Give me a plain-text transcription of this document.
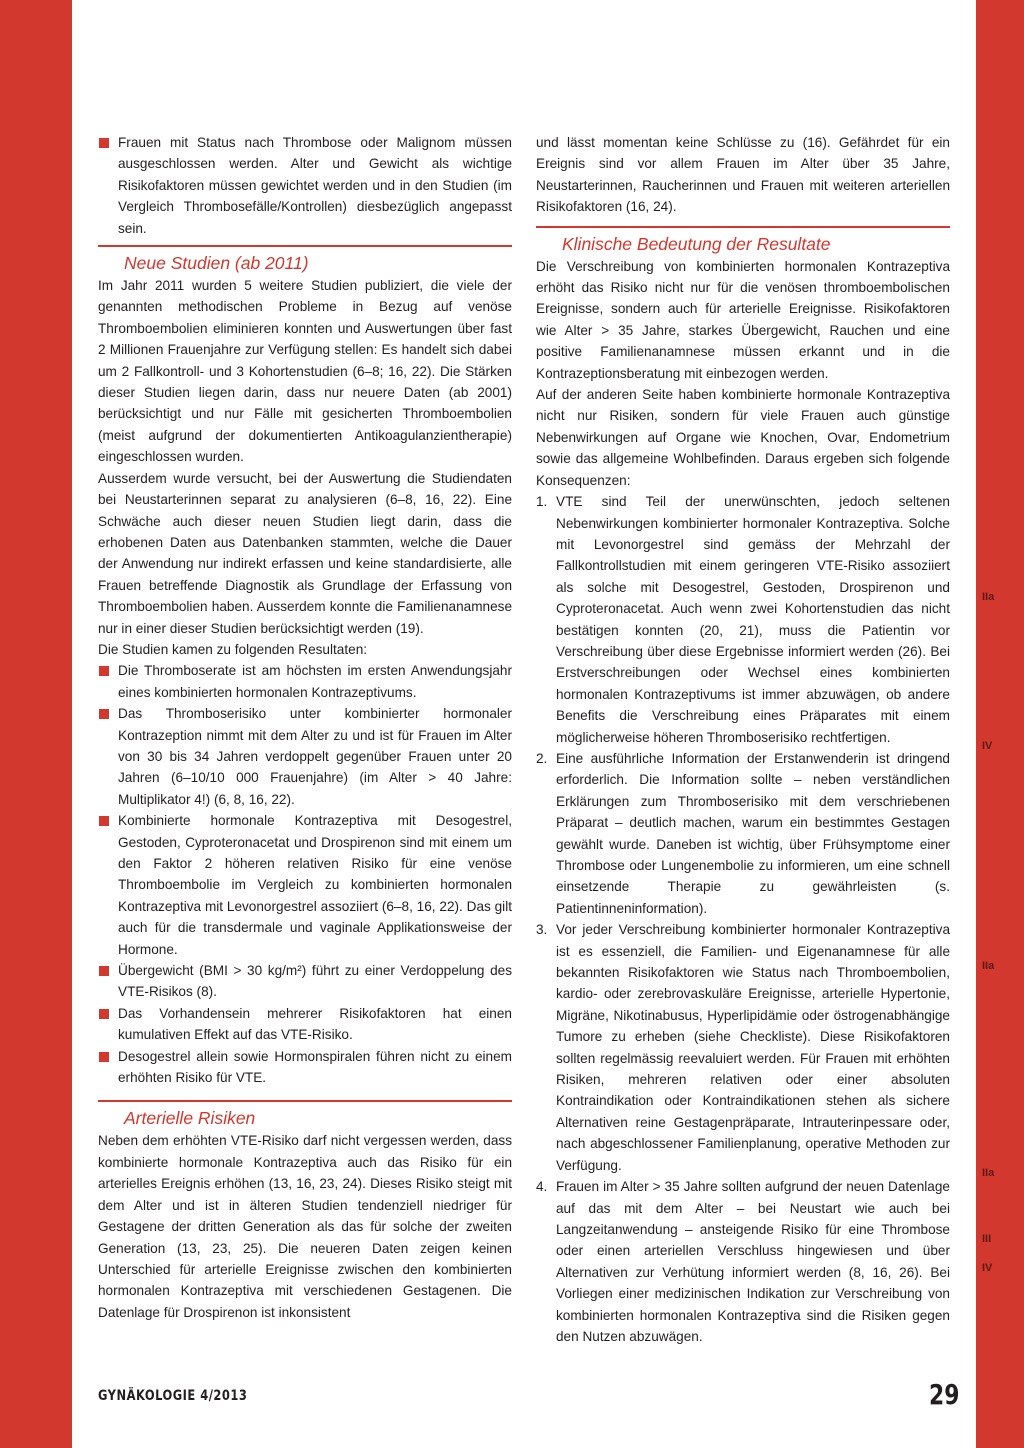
Frauen mit Status nach Thrombose oder Malignom müssen ausgeschlossen werden. Alter und Gewicht als wichtige Risikofaktoren müssen gewichtet werden und in den Studien (im Vergleich Thrombosefälle/Kontrollen) diesbezüglich angepasst sein.
Neue Studien (ab 2011)

Im Jahr 2011 wurden 5 weitere Studien publiziert, die viele der genannten methodischen Probleme in Bezug auf venöse Thromboembolien eliminieren konnten und Auswertungen über fast 2 Millionen Frauenjahre zur Verfügung stellen: Es handelt sich dabei um 2 Fallkontroll- und 3 Kohortenstudien (6–8; 16, 22). Die Stärken dieser Studien liegen darin, dass nur neuere Daten (ab 2001) berücksichtigt und nur Fälle mit gesicherten Thromboembolien (meist aufgrund der dokumentierten Antikoagulanzientherapie) eingeschlossen wurden.

Ausserdem wurde versucht, bei der Auswertung die Studiendaten bei Neustarterinnen separat zu analysieren (6–8, 16, 22). Eine Schwäche auch dieser neuen Studien liegt darin, dass die erhobenen Daten aus Datenbanken stammten, welche die Dauer der Anwendung nur indirekt erfassen und keine standardisierte, alle Frauen betreffende Diagnostik als Grundlage der Erfassung von Thromboembolien haben. Ausserdem konnte die Familienanamnese nur in einer dieser Studien berücksichtigt werden (19).

Die Studien kamen zu folgenden Resultaten:

Die Thromboserate ist am höchsten im ersten Anwendungsjahr eines kombinierten hormonalen Kontrazeptivums.
Das Thromboserisiko unter kombinierter hormonaler Kontrazeption nimmt mit dem Alter zu und ist für Frauen im Alter von 30 bis 34 Jahren verdoppelt gegenüber Frauen unter 20 Jahren (6–10/10 000 Frauenjahre) (im Alter > 40 Jahre: Multiplikator 4!) (6, 8, 16, 22).
Kombinierte hormonale Kontrazeptiva mit Desogestrel, Gestoden, Cyproteronacetat und Drospirenon sind mit einem um den Faktor 2 höheren relativen Risiko für eine venöse Thromboembolie im Vergleich zu kombinierten hormonalen Kontrazeptiva mit Levonorgestrel assoziiert (6–8, 16, 22). Das gilt auch für die transdermale und vaginale Applikationsweise der Hormone.
Übergewicht (BMI > 30 kg/m²) führt zu einer Verdoppelung des VTE-Risikos (8).
Das Vorhandensein mehrerer Risikofaktoren hat einen kumulativen Effekt auf das VTE-Risiko.
Desogestrel allein sowie Hormonspiralen führen nicht zu einem erhöhten Risiko für VTE.
Arterielle Risiken

Neben dem erhöhten VTE-Risiko darf nicht vergessen werden, dass kombinierte hormonale Kontrazeptiva auch das Risiko für ein arterielles Ereignis erhöhen (13, 16, 23, 24). Dieses Risiko steigt mit dem Alter und ist in älteren Studien tendenziell niedriger für Gestagene der dritten Generation als das für solche der zweiten Generation (13, 23, 25). Die neueren Daten zeigen keinen Unterschied für arterielle Ereignisse zwischen den kombinierten hormonalen Kontrazeptiva mit verschiedenen Gestagenen. Die Datenlage für Drospirenon ist inkonsistent

und lässt momentan keine Schlüsse zu (16). Gefährdet für ein Ereignis sind vor allem Frauen im Alter über 35 Jahre, Neustarterinnen, Raucherinnen und Frauen mit weiteren arteriellen Risikofaktoren (16, 24).

Klinische Bedeutung der Resultate

Die Verschreibung von kombinierten hormonalen Kontrazeptiva erhöht das Risiko nicht nur für die venösen thromboembolischen Ereignisse, sondern auch für arterielle Ereignisse. Risikofaktoren wie Alter > 35 Jahre, starkes Übergewicht, Rauchen und eine positive Familienanamnese müssen erkannt und in die Kontrazeptionsberatung mit einbezogen werden.

Auf der anderen Seite haben kombinierte hormonale Kontrazeptiva nicht nur Risiken, sondern für viele Frauen auch günstige Nebenwirkungen auf Organe wie Knochen, Ovar, Endometrium sowie das allgemeine Wohlbefinden. Daraus ergeben sich folgende Konsequenzen:

1. VTE sind Teil der unerwünschten, jedoch seltenen Nebenwirkungen kombinierter hormonaler Kontrazeptiva. Solche mit Levonorgestrel sind gemäss der Mehrzahl der Fallkontrollstudien mit einem geringeren VTE-Risiko assoziiert als solche mit Desogestrel, Gestoden, Drospirenon und Cyproteronacetat. Auch wenn zwei Kohortenstudien das nicht bestätigen konnten (20, 21), muss die Patientin vor Verschreibung über diese Ergebnisse informiert werden (26). Bei Erstverschreibungen oder Wechsel eines kombinierten hormonalen Kontrazeptivums ist immer abzuwägen, ob andere Benefits die Verschreibung eines Präparates mit einem möglicherweise höheren Thromboserisiko rechtfertigen.
2. Eine ausführliche Information der Erstanwenderin ist dringend erforderlich. Die Information sollte – neben verständlichen Erklärungen zum Thromboserisiko mit dem verschriebenen Präparat – deutlich machen, warum ein bestimmtes Gestagen gewählt wurde. Daneben ist wichtig, über Frühsymptome einer Thrombose oder Lungenembolie zu informieren, um eine schnell einsetzende Therapie zu gewährleisten (s. Patientinneninformation).
3. Vor jeder Verschreibung kombinierter hormonaler Kontrazeptiva ist es essenziell, die Familien- und Eigenanamnese für alle bekannten Risikofaktoren wie Status nach Thromboembolien, kardio- oder zerebrovaskuläre Ereignisse, arterielle Hypertonie, Migräne, Nikotinabusus, Hyperlipidämie oder östrogenabhängige Tumore zu erheben (siehe Checkliste). Diese Risikofaktoren sollten regelmässig reevaluiert werden. Für Frauen mit erhöhten Risiken, mehreren relativen oder einer absoluten Kontraindikation oder Kontraindikationen stehen als sichere Alternativen reine Gestagenpräparate, Intrauterinpessare oder, nach abgeschlossener Familienplanung, operative Methoden zur Verfügung.
4. Frauen im Alter > 35 Jahre sollten aufgrund der neuen Datenlage auf das mit dem Alter – bei Neustart wie auch bei Langzeitanwendung – ansteigende Risiko für eine Thrombose oder einen arteriellen Verschluss hingewiesen und über Alternativen zur Verhütung informiert werden (8, 16, 26). Bei Vorliegen einer medizinischen Indikation zur Verschreibung von kombinierten hormonalen Kontrazeptiva sind die Risiken gegen den Nutzen abzuwägen.
IIa
IV
IIa
IIa
III
IV
GYNÄKOLOGIE 4/2013	29
